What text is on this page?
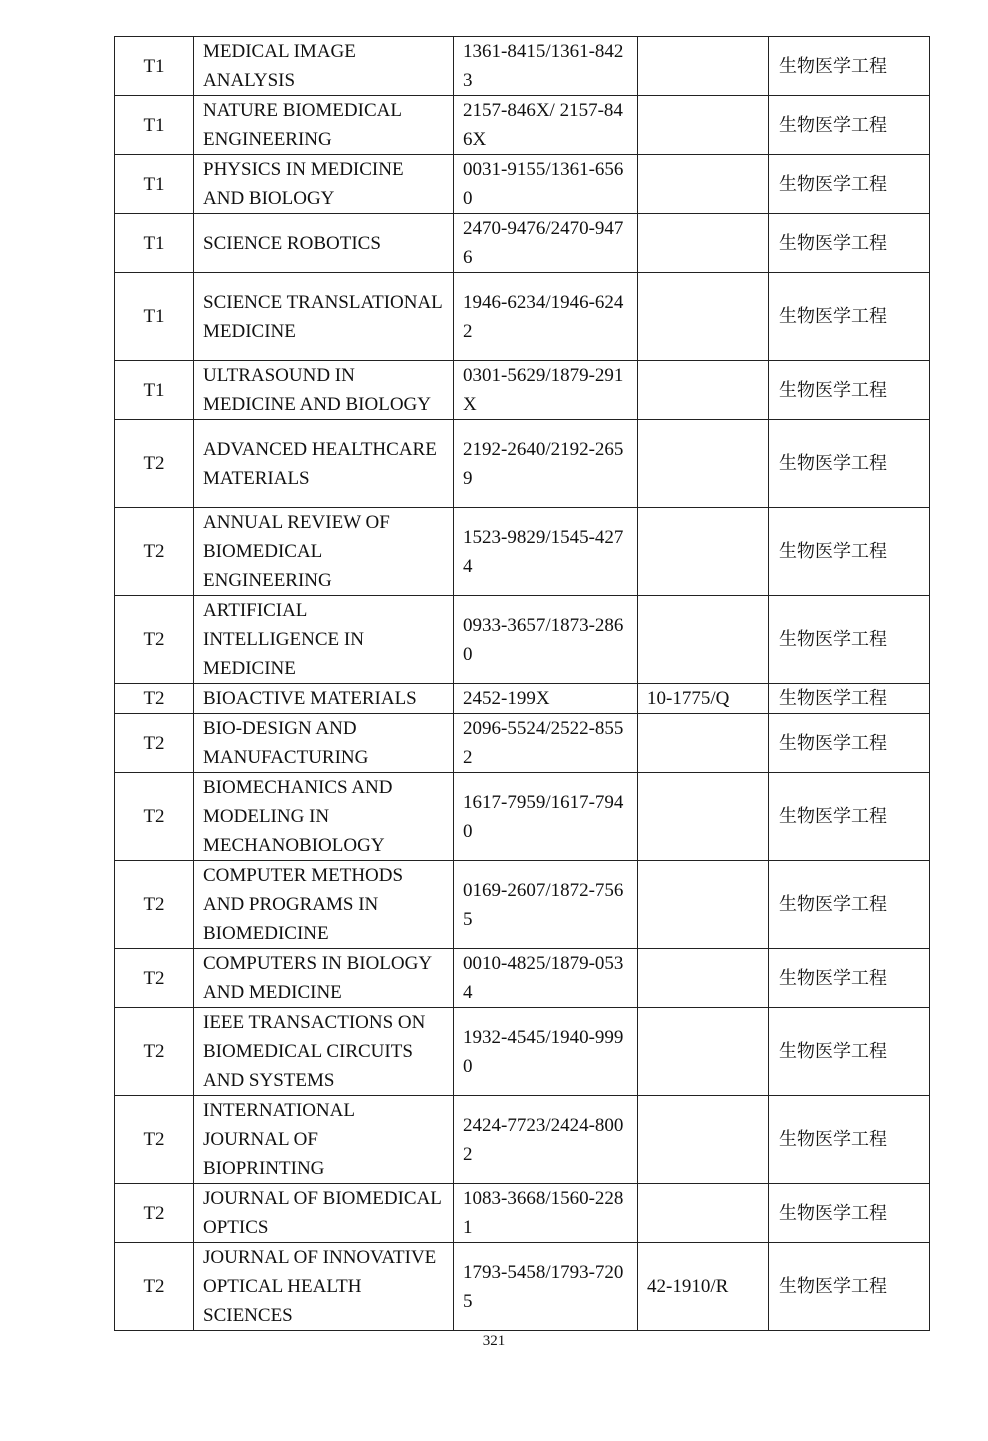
T1	MEDICAL IMAGE ANALYSIS	1361-8415/1361-8423		生物医学工程
T1	NATURE BIOMEDICAL ENGINEERING	2157-846X/ 2157-846X		生物医学工程
T1	PHYSICS IN MEDICINE AND BIOLOGY	0031-9155/1361-6560		生物医学工程
T1	SCIENCE ROBOTICS	2470-9476/2470-9476		生物医学工程
T1	SCIENCE TRANSLATIONAL MEDICINE	1946-6234/1946-6242		生物医学工程
T1	ULTRASOUND IN MEDICINE AND BIOLOGY	0301-5629/1879-291X		生物医学工程
T2	ADVANCED HEALTHCARE MATERIALS	2192-2640/2192-2659		生物医学工程
T2	ANNUAL REVIEW OF BIOMEDICAL ENGINEERING	1523-9829/1545-4274		生物医学工程
T2	ARTIFICIAL INTELLIGENCE IN MEDICINE	0933-3657/1873-2860		生物医学工程
T2	BIOACTIVE MATERIALS	2452-199X	10-1775/Q	生物医学工程
T2	BIO-DESIGN AND MANUFACTURING	2096-5524/2522-8552		生物医学工程
T2	BIOMECHANICS AND MODELING IN MECHANOBIOLOGY	1617-7959/1617-7940		生物医学工程
T2	COMPUTER METHODS AND PROGRAMS IN BIOMEDICINE	0169-2607/1872-7565		生物医学工程
T2	COMPUTERS IN BIOLOGY AND MEDICINE	0010-4825/1879-0534		生物医学工程
T2	IEEE TRANSACTIONS ON BIOMEDICAL CIRCUITS AND SYSTEMS	1932-4545/1940-9990		生物医学工程
T2	INTERNATIONAL JOURNAL OF BIOPRINTING	2424-7723/2424-8002		生物医学工程
T2	JOURNAL OF BIOMEDICAL OPTICS	1083-3668/1560-2281		生物医学工程
T2	JOURNAL OF INNOVATIVE OPTICAL HEALTH SCIENCES	1793-5458/1793-7205	42-1910/R	生物医学工程
321
